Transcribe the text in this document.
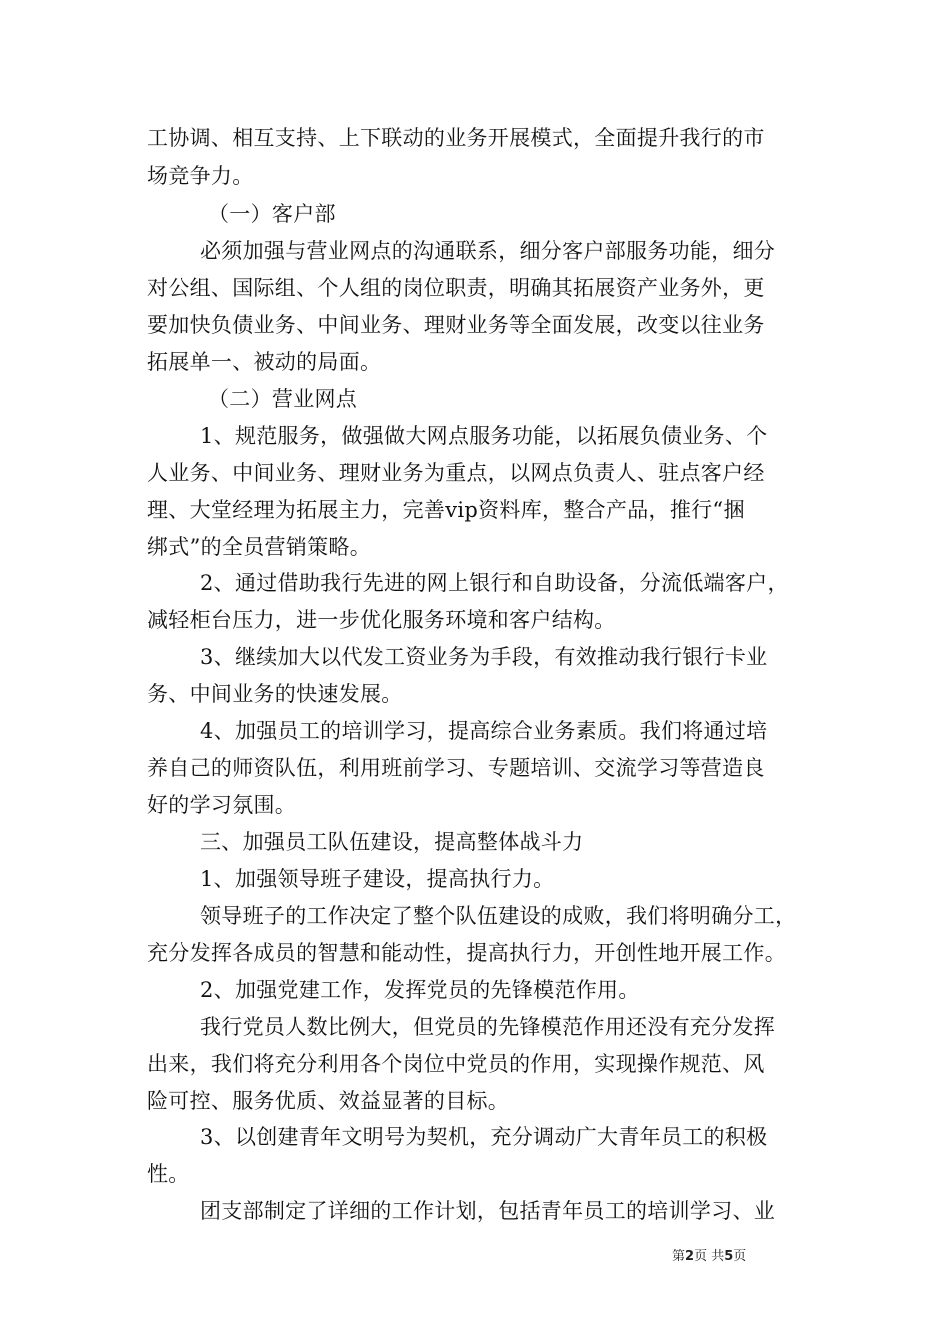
工协调、相互支持、上下联动的业务开展模式，全面提升我行的市
场竞争力。
（一）客户部
必须加强与营业网点的沟通联系，细分客户部服务功能，细分
对公组、国际组、个人组的岗位职责，明确其拓展资产业务外，更
要加快负债业务、中间业务、理财业务等全面发展，改变以往业务
拓展单一、被动的局面。
（二）营业网点
1、规范服务，做强做大网点服务功能，以拓展负债业务、个
人业务、中间业务、理财业务为重点，以网点负责人、驻点客户经
理、大堂经理为拓展主力，完善vip资料库，整合产品，推行“捆
绑式”的全员营销策略。
2、通过借助我行先进的网上银行和自助设备，分流低端客户，
减轻柜台压力，进一步优化服务环境和客户结构。
3、继续加大以代发工资业务为手段，有效推动我行银行卡业
务、中间业务的快速发展。
4、加强员工的培训学习，提高综合业务素质。我们将通过培
养自己的师资队伍，利用班前学习、专题培训、交流学习等营造良
好的学习氛围。
三、加强员工队伍建设，提高整体战斗力
1、加强领导班子建设，提高执行力。
领导班子的工作决定了整个队伍建设的成败，我们将明确分工，
充分发挥各成员的智慧和能动性，提高执行力，开创性地开展工作。
2、加强党建工作，发挥党员的先锋模范作用。
我行党员人数比例大，但党员的先锋模范作用还没有充分发挥
出来，我们将充分利用各个岗位中党员的作用，实现操作规范、风
险可控、服务优质、效益显著的目标。
3、以创建青年文明号为契机，充分调动广大青年员工的积极
性。
团支部制定了详细的工作计划，包括青年员工的培训学习、业
第2页 共5页
